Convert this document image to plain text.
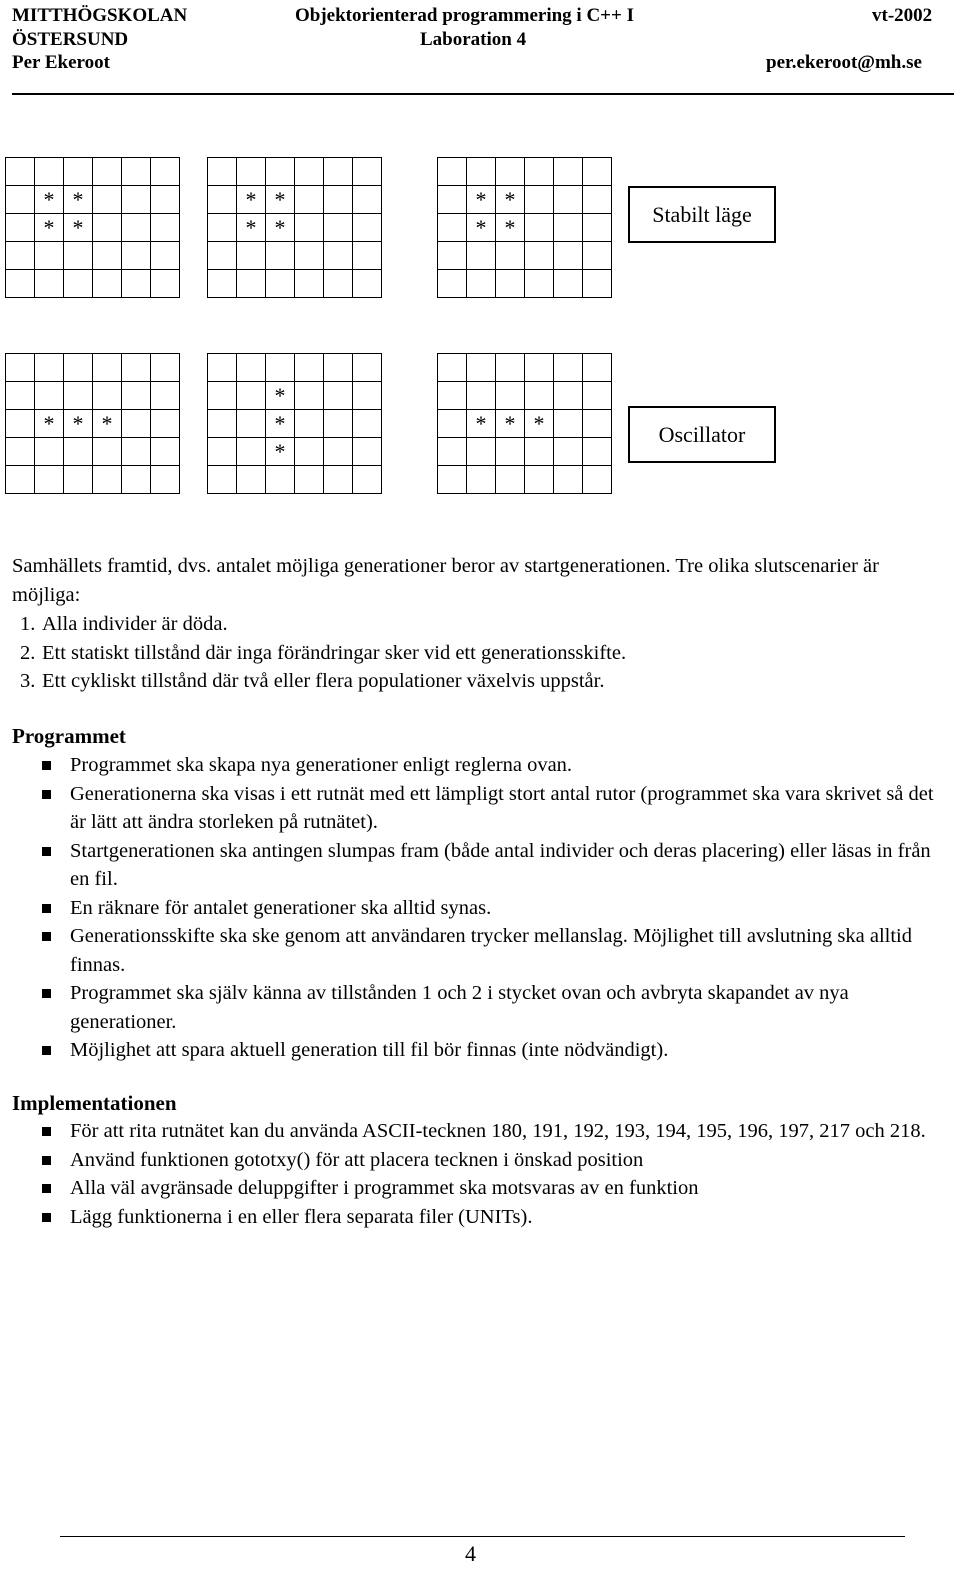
MITTHÖGSKOLAN
ÖSTERSUND
Per Ekeroot
Objektorienterad programmering i C++ I
Laboration 4
vt-2002
per.ekeroot@mh.se

	*	*			
	*	*			

	*	*			
	*	*			

	*	*			
	*	*			

	*	*	*		

		*			
		*			
		*			

	*	*	*		

Stabilt läge
Oscillator
Samhällets framtid, dvs. antalet möjliga generationer beror av startgenerationen. Tre olika slutscenarier är möjliga:
1. Alla individer är döda.
2. Ett statiskt tillstånd där inga förändringar sker vid ett generationsskifte.
3. Ett cykliskt tillstånd där två eller flera populationer växelvis uppstår.
Programmet
Programmet ska skapa nya generationer enligt reglerna ovan.
Generationerna ska visas i ett rutnät med ett lämpligt stort antal rutor (programmet ska vara skrivet så det är lätt att ändra storleken på rutnätet).
Startgenerationen ska antingen slumpas fram (både antal individer och deras placering) eller läsas in från en fil.
En räknare för antalet generationer ska alltid synas.
Generationsskifte ska ske genom att användaren trycker mellanslag. Möjlighet till avslutning ska alltid finnas.
Programmet ska själv känna av tillstånden 1 och 2 i stycket ovan och avbryta skapandet av nya generationer.
Möjlighet att spara aktuell generation till fil bör finnas (inte nödvändigt).
Implementationen
För att rita rutnätet kan du använda ASCII-tecknen 180, 191, 192, 193, 194, 195, 196, 197, 217 och 218.
Använd funktionen gototxy() för att placera tecknen i önskad position
Alla väl avgränsade deluppgifter i programmet ska motsvaras av en funktion
Lägg funktionerna i en eller flera separata filer (UNITs).
4
